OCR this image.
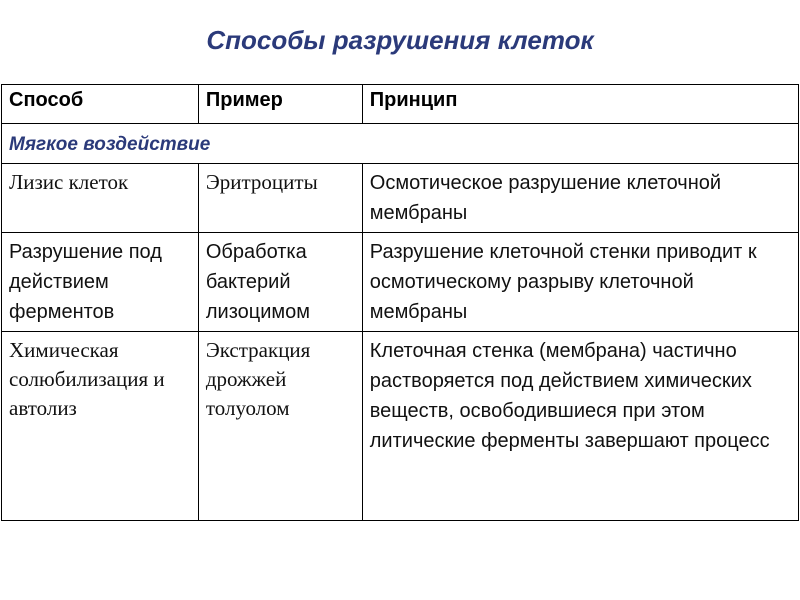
Способы разрушения клеток
Способ	Пример	Принцип
Мягкое воздействие		
Лизис клеток	Эритроциты	Осмотическое разрушение клеточной мембраны
Разрушение под действием ферментов	Обработка бактерий лизоцимом	Разрушение клеточной стенки приводит к осмотическому разрыву клеточной мембраны
Химическая солюбилизация и автолиз	Экстракция дрожжей толуолом	Клеточная стенка (мембрана) частично растворяется под действием химических веществ, освободившиеся при этом литические ферменты завершают процесс
